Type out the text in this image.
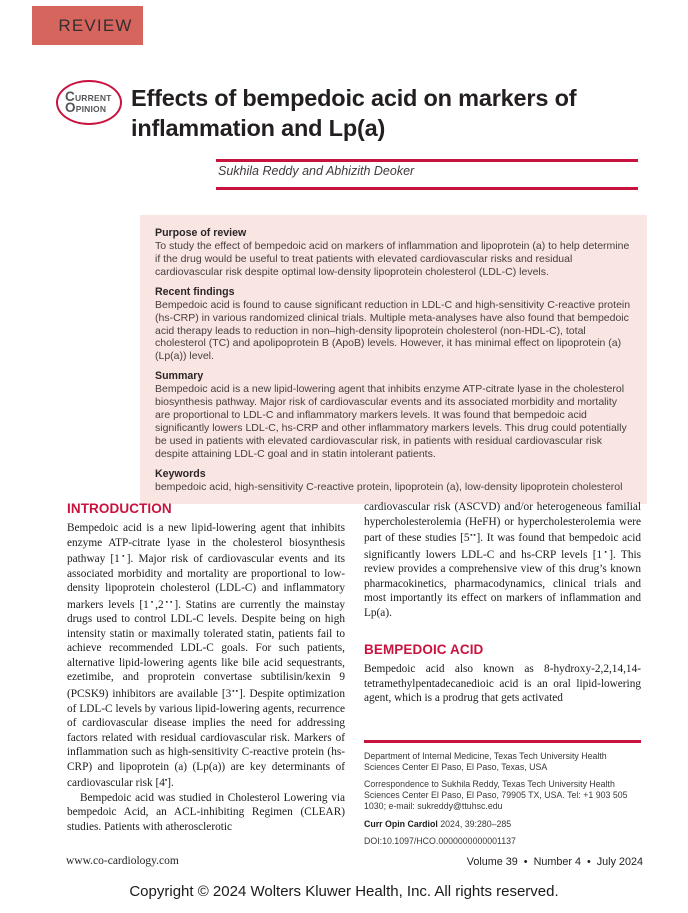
REVIEW
CURRENT
OPINION Effects of bempedoic acid on markers of
inflammation and Lp(a)
Sukhila Reddy and Abhizith Deoker
Purpose of review

To study the effect of bempedoic acid on markers of inflammation and lipoprotein (a) to help determine if the drug would be useful to treat patients with elevated cardiovascular risks and residual cardiovascular risk despite optimal low-density lipoprotein cholesterol (LDL-C) levels.

Recent findings

Bempedoic acid is found to cause significant reduction in LDL-C and high-sensitivity C-reactive protein (hs-CRP) in various randomized clinical trials. Multiple meta-analyses have also found that bempedoic acid therapy leads to reduction in non–high-density lipoprotein cholesterol (non-HDL-C), total cholesterol (TC) and apolipoprotein B (ApoB) levels. However, it has minimal effect on lipoprotein (a) (Lp(a)) level.

Summary

Bempedoic acid is a new lipid-lowering agent that inhibits enzyme ATP-citrate lyase in the cholesterol biosynthesis pathway. Major risk of cardiovascular events and its associated morbidity and mortality are proportional to LDL-C and inflammatory markers levels. It was found that bempedoic acid significantly lowers LDL-C, hs-CRP and other inflammatory markers levels. This drug could potentially be used in patients with elevated cardiovascular risk, in patients with residual cardiovascular risk despite attaining LDL-C goal and in statin intolerant patients.

Keywords

bempedoic acid, high-sensitivity C-reactive protein, lipoprotein (a), low-density lipoprotein cholesterol

INTRODUCTION

Bempedoic acid is a new lipid-lowering agent that inhibits enzyme ATP-citrate lyase in the cholesterol biosynthesis pathway [1▪]. Major risk of cardiovascular events and its associated morbidity and mortality are proportional to low-density lipoprotein cholesterol (LDL-C) and inflammatory markers levels [1▪,2▪▪]. Statins are currently the mainstay drugs used to control LDL-C levels. Despite being on high intensity statin or maximally tolerated statin, patients fail to achieve recommended LDL-C goals. For such patients, alternative lipid-lowering agents like bile acid sequestrants, ezetimibe, and proprotein convertase subtilisin/kexin 9 (PCSK9) inhibitors are available [3▪▪]. Despite optimization of LDL-C levels by various lipid-lowering agents, recurrence of cardiovascular disease implies the need for addressing factors related with residual cardiovascular risk. Markers of inflammation such as high-sensitivity C-reactive protein (hs-CRP) and lipoprotein (a) (Lp(a)) are key determinants of cardiovascular risk [4▪].

Bempedoic acid was studied in Cholesterol Lowering via bempedoic Acid, an ACL-inhibiting Regimen (CLEAR) studies. Patients with atherosclerotic

cardiovascular risk (ASCVD) and/or heterogeneous familial hypercholesterolemia (HeFH) or hypercholesterolemia were part of these studies [5▪▪]. It was found that bempedoic acid significantly lowers LDL-C and hs-CRP levels [1▪]. This review provides a comprehensive view of this drug’s known pharmacokinetics, pharmacodynamics, clinical trials and most importantly its effect on markers of inflammation and Lp(a).

BEMPEDOIC ACID

Bempedoic acid also known as 8-hydroxy-2,2,14,14-tetramethylpentadecanedioic acid is an oral lipid-lowering agent, which is a prodrug that gets activated

Department of Internal Medicine, Texas Tech University Health Sciences Center El Paso, El Paso, Texas, USA

Correspondence to Sukhila Reddy, Texas Tech University Health Sciences Center El Paso, El Paso, 79905 TX, USA. Tel: +1 903 505 1030; e-mail: sukreddy@ttuhsc.edu

Curr Opin Cardiol 2024, 39:280–285

DOI:10.1097/HCO.0000000000001137

www.co-cardiology.com	Volume 39  •  Number 4  •  July 2024
Copyright © 2024 Wolters Kluwer Health, Inc. All rights reserved.
